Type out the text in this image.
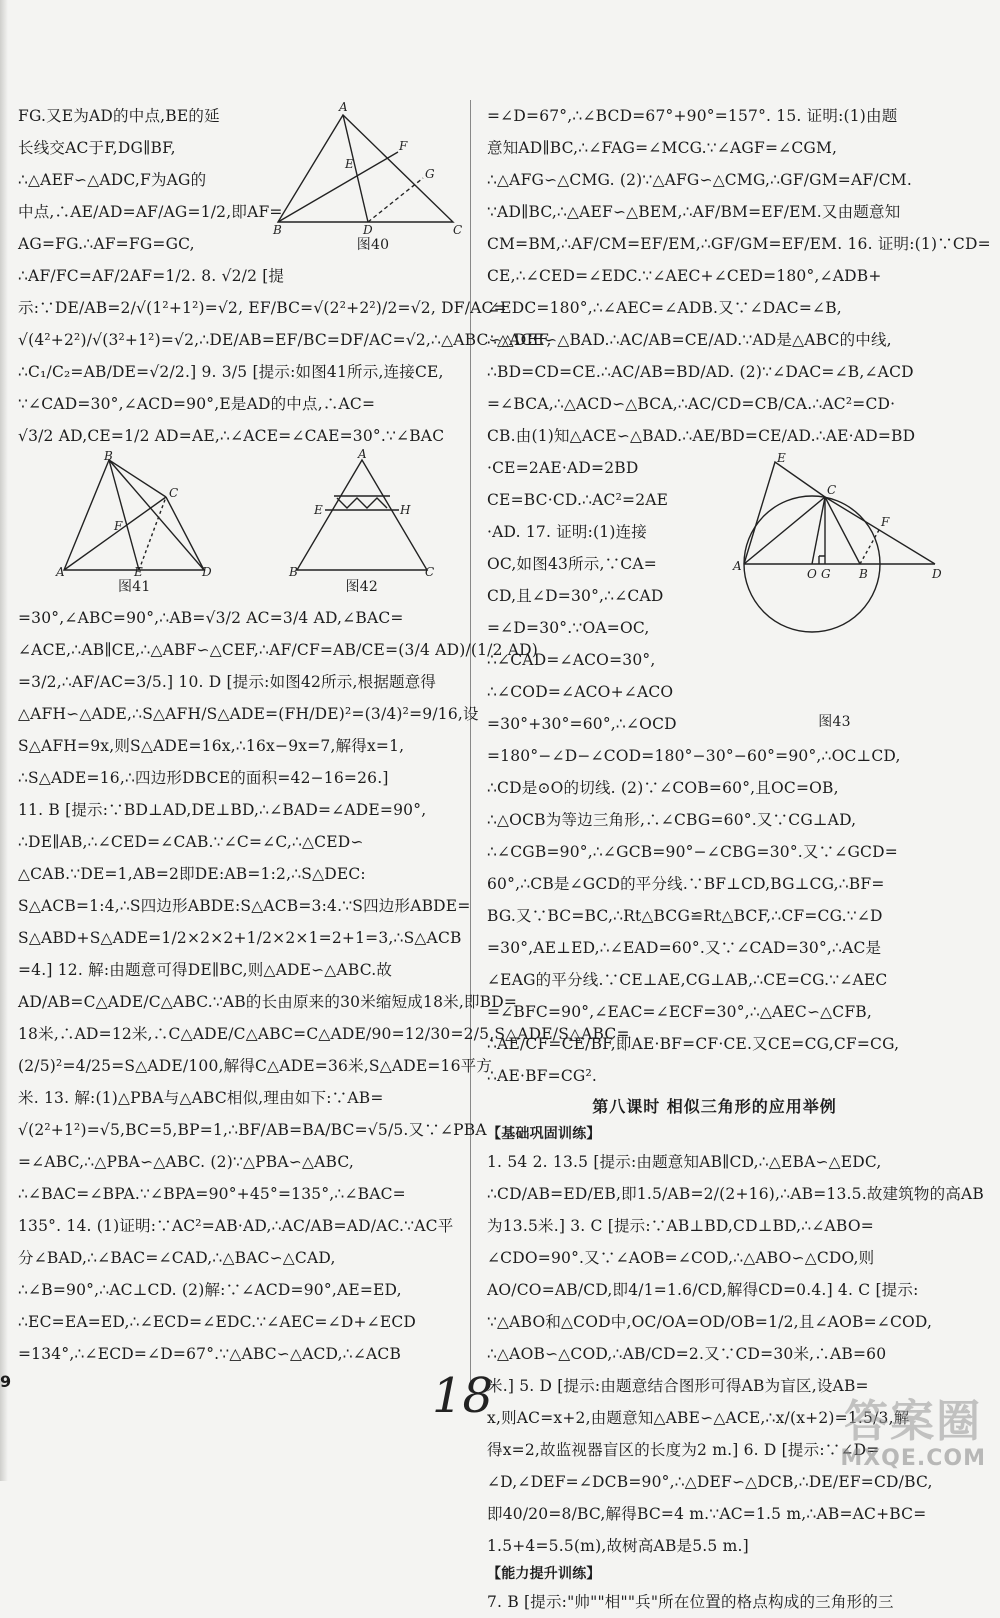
A
B	C
D
E
F
G
图40
FG.又E为AD的中点,BE的延
长线交AC于F,DG∥BF,
∴△AEF∽△ADC,F为AG的
中点,∴AE/AD=AF/AG=1/2,即AF=
AG=FG.∴AF=FG=GC,
∴AF/FC=AF/2AF=1/2. 8. √2/2 [提
示:∵DE/AB=2/√(1²+1²)=√2, EF/BC=√(2²+2²)/2=√2, DF/AC=
√(4²+2²)/√(3²+1²)=√2,∴DE/AB=EF/BC=DF/AC=√2,∴△ABC∽△DEF,
∴C₁/C₂=AB/DE=√2/2.] 9. 3/5 [提示:如图41所示,连接CE,
∵∠CAD=30°,∠ACD=90°,E是AD的中点,∴AC=
√3/2 AD,CE=1/2 AD=AE,∴∠ACE=∠CAE=30°.∵∠BAC
B
C
A	E	D
F
图41
A
E	H
B	C
图42
=30°,∠ABC=90°,∴AB=√3/2 AC=3/4 AD,∠BAC=
∠ACE,∴AB∥CE,∴△ABF∽△CEF,∴AF/CF=AB/CE=(3/4 AD)/(1/2 AD)
=3/2,∴AF/AC=3/5.] 10. D [提示:如图42所示,根据题意得
△AFH∽△ADE,∴S△AFH/S△ADE=(FH/DE)²=(3/4)²=9/16,设
S△AFH=9x,则S△ADE=16x,∴16x−9x=7,解得x=1,
∴S△ADE=16,∴四边形DBCE的面积=42−16=26.]
11. B [提示:∵BD⊥AD,DE⊥BD,∴∠BAD=∠ADE=90°,
∴DE∥AB,∴∠CED=∠CAB.∵∠C=∠C,∴△CED∽
△CAB.∵DE=1,AB=2即DE:AB=1:2,∴S△DEC:
S△ACB=1:4,∴S四边形ABDE:S△ACB=3:4.∵S四边形ABDE=
S△ABD+S△ADE=1/2×2×2+1/2×2×1=2+1=3,∴S△ACB
=4.] 12. 解:由题意可得DE∥BC,则△ADE∽△ABC.故
AD/AB=C△ADE/C△ABC.∵AB的长由原来的30米缩短成18米,即BD=
18米,∴AD=12米,∴C△ADE/C△ABC=C△ADE/90=12/30=2/5,S△ADE/S△ABC=
(2/5)²=4/25=S△ADE/100,解得C△ADE=36米,S△ADE=16平方
米. 13. 解:(1)△PBA与△ABC相似,理由如下:∵AB=
√(2²+1²)=√5,BC=5,BP=1,∴BF/AB=BA/BC=√5/5.又∵∠PBA
=∠ABC,∴△PBA∽△ABC. (2)∵△PBA∽△ABC,
∴∠BAC=∠BPA.∵∠BPA=90°+45°=135°,∴∠BAC=
135°. 14. (1)证明:∵AC²=AB·AD,∴AC/AB=AD/AC.∵AC平
分∠BAD,∴∠BAC=∠CAD,∴△BAC∽△CAD,
∴∠B=90°,∴AC⊥CD. (2)解:∵∠ACD=90°,AE=ED,
∴EC=EA=ED,∴∠ECD=∠EDC.∵∠AEC=∠D+∠ECD
=134°,∴∠ECD=∠D=67°.∵△ABC∽△ACD,∴∠ACB
=∠D=67°,∴∠BCD=67°+90°=157°. 15. 证明:(1)由题
意知AD∥BC,∴∠FAG=∠MCG.∵∠AGF=∠CGM,
∴△AFG∽△CMG. (2)∵△AFG∽△CMG,∴GF/GM=AF/CM.
∵AD∥BC,∴△AEF∽△BEM,∴AF/BM=EF/EM.又由题意知
CM=BM,∴AF/CM=EF/EM,∴GF/GM=EF/EM. 16. 证明:(1)∵CD=
CE,∴∠CED=∠EDC.∵∠AEC+∠CED=180°,∠ADB+
∠EDC=180°,∴∠AEC=∠ADB.又∵∠DAC=∠B,
∴△ACE∽△BAD.∴AC/AB=CE/AD.∵AD是△ABC的中线,
∴BD=CD=CE.∴AC/AB=BD/AD. (2)∵∠DAC=∠B,∠ACD
=∠BCA,∴△ACD∽△BCA,∴AC/CD=CB/CA.∴AC²=CD·
CB.由(1)知△ACE∽△BAD.∴AE/BD=CE/AD.∴AE·AD=BD
E
C
F
A
O G B	D
图43
·CE=2AE·AD=2BD
CE=BC·CD.∴AC²=2AE
·AD. 17. 证明:(1)连接
OC,如图43所示,∵CA=
CD,且∠D=30°,∴∠CAD
=∠D=30°.∵OA=OC,
∴∠CAD=∠ACO=30°,
∴∠COD=∠ACO+∠ACO
=30°+30°=60°,∴∠OCD
=180°−∠D−∠COD=180°−30°−60°=90°,∴OC⊥CD,
∴CD是⊙O的切线. (2)∵∠COB=60°,且OC=OB,
∴△OCB为等边三角形,∴∠CBG=60°.又∵CG⊥AD,
∴∠CGB=90°,∴∠GCB=90°−∠CBG=30°.又∵∠GCD=
60°,∴CB是∠GCD的平分线.∵BF⊥CD,BG⊥CG,∴BF=
BG.又∵BC=BC,∴Rt△BCG≌Rt△BCF,∴CF=CG.∵∠D
=30°,AE⊥ED,∴∠EAD=60°.又∵∠CAD=30°,∴AC是
∠EAG的平分线.∵CE⊥AE,CG⊥AB,∴CE=CG.∵∠AEC
=∠BFC=90°,∠EAC=∠ECF=30°,∴△AEC∽△CFB,
∴AE/CF=CE/BF,即AE·BF=CF·CE.又CE=CG,CF=CG,
∴AE·BF=CG².
第八课时 相似三角形的应用举例
【基础巩固训练】
1. 54 2. 13.5 [提示:由题意知AB∥CD,∴△EBA∽△EDC,
∴CD/AB=ED/EB,即1.5/AB=2/(2+16),∴AB=13.5.故建筑物的高AB
为13.5米.] 3. C [提示:∵AB⊥BD,CD⊥BD,∴∠ABO=
∠CDO=90°.又∵∠AOB=∠COD,∴△ABO∽△CDO,则
AO/CO=AB/CD,即4/1=1.6/CD,解得CD=0.4.] 4. C [提示:
∵△ABO和△COD中,OC/OA=OD/OB=1/2,且∠AOB=∠COD,
∴△AOB∽△COD,∴AB/CD=2.又∵CD=30米,∴AB=60
米.] 5. D [提示:由题意结合图形可得AB为盲区,设AB=
x,则AC=x+2,由题意知△ABE∽△ACE,∴x/(x+2)=1.5/3,解
得x=2,故监视器盲区的长度为2 m.] 6. D [提示:∵∠D=
∠D,∠DEF=∠DCB=90°,∴△DEF∽△DCB,∴DE/EF=CD/BC,
即40/20=8/BC,解得BC=4 m.∵AC=1.5 m,∴AB=AC+BC=
1.5+4=5.5(m),故树高AB是5.5 m.]
【能力提升训练】
7. B [提示:"帅""相""兵"所在位置的格点构成的三角形的三
9	18	答案圈
MXQE.COM
